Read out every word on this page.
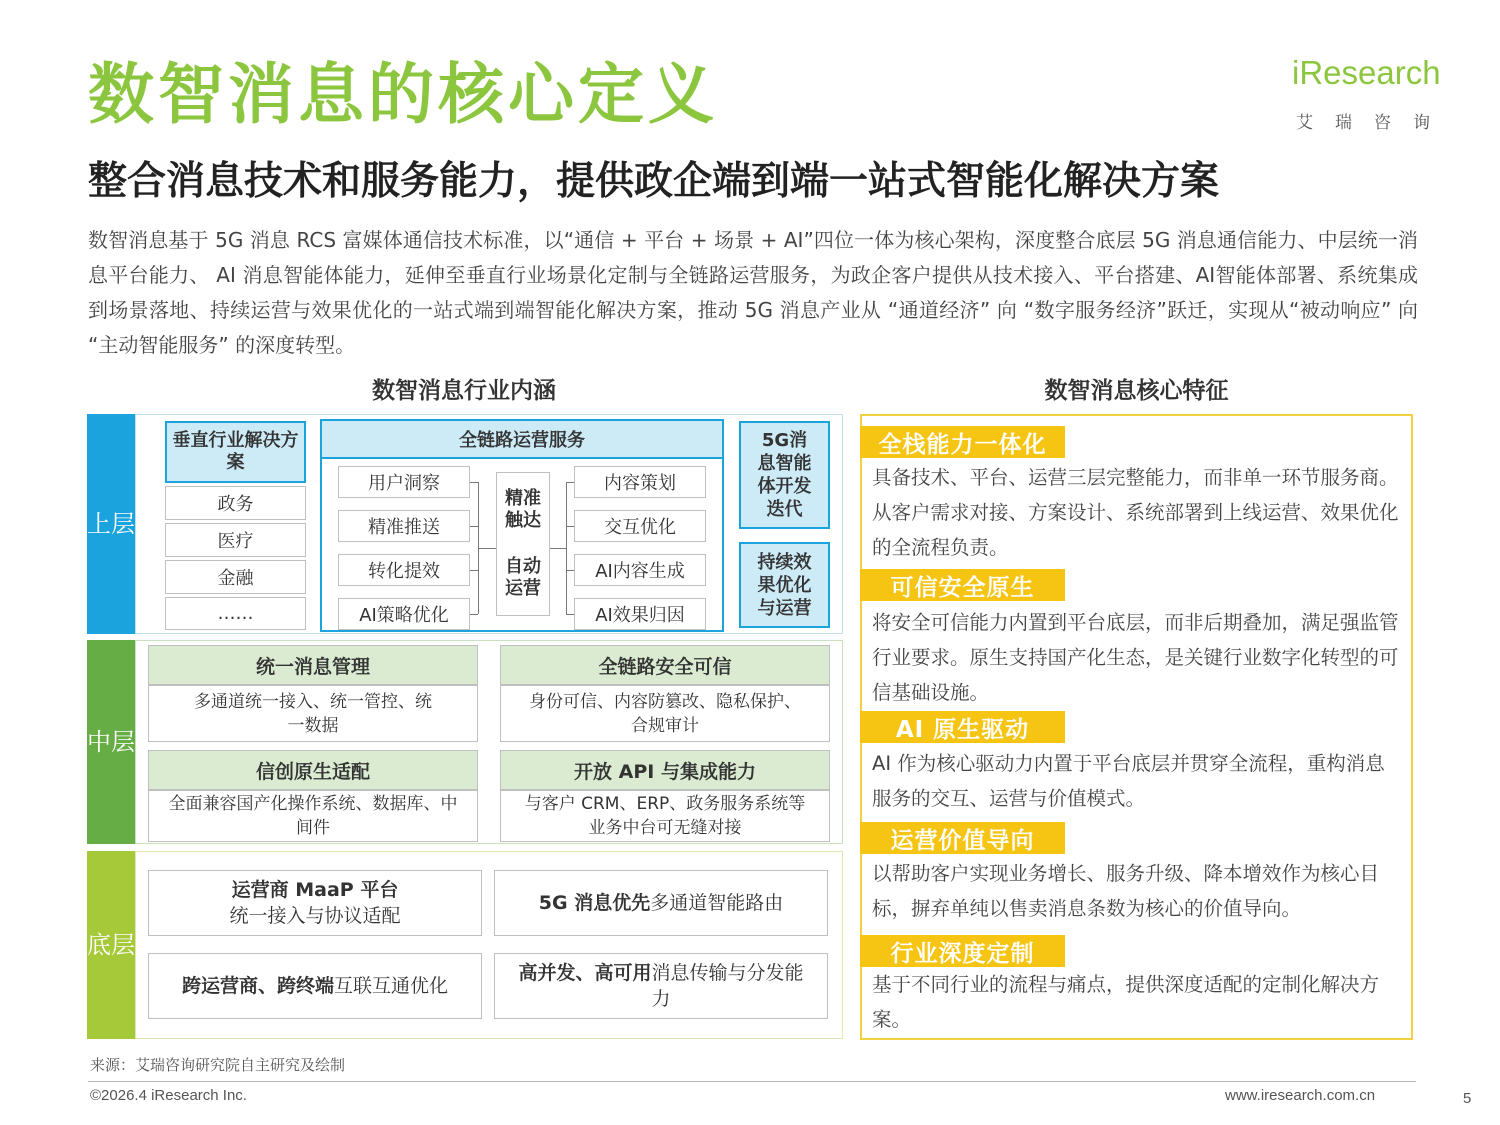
数智消息的核心定义	iResearch
艾瑞咨询
整合消息技术和服务能力，提供政企端到端一站式智能化解决方案
数智消息基于 5G 消息 RCS 富媒体通信技术标准，以“通信 + 平台 + 场景 + AI”四位一体为核心架构，深度整合底层 5G 消息通信能力、中层统一消息平台能力、 AI 消息智能体能力，延伸至垂直行业场景化定制与全链路运营服务，为政企客户提供从技术接入、平台搭建、AI智能体部署、系统集成到场景落地、持续运营与效果优化的一站式端到端智能化解决方案，推动 5G 消息产业从 “通道经济” 向 “数字服务经济”跃迁，实现从“被动响应” 向 “主动智能服务” 的深度转型。
数智消息行业内涵	数智消息核心特征
上层
垂直行业解决方案
政务
医疗
金融
……
全链路运营服务
用户洞察
精准推送
转化提效
AI策略优化
精准触达
自动运营
内容策划
交互优化
AI内容生成
AI效果归因
5G消息智能体开发迭代
持续效果优化与运营
中层
统一消息管理
多通道统一接入、统一管控、统一数据
全链路安全可信
身份可信、内容防篡改、隐私保护、合规审计
信创原生适配
全面兼容国产化操作系统、数据库、中间件
开放 API 与集成能力
与客户 CRM、ERP、政务服务系统等业务中台可无缝对接
底层
运营商 MaaP 平台
统一接入与协议适配
5G 消息优先 多通道智能路由
跨运营商、跨终端 互联互通优化
高并发、高可用消息传输与分发能力
全栈能力一体化
具备技术、平台、运营三层完整能力，而非单一环节服务商。从客户需求对接、方案设计、系统部署到上线运营、效果优化的全流程负责。
可信安全原生
将安全可信能力内置到平台底层，而非后期叠加，满足强监管行业要求。原生支持国产化生态，是关键行业数字化转型的可信基础设施。
AI 原生驱动
AI 作为核心驱动力内置于平台底层并贯穿全流程，重构消息服务的交互、运营与价值模式。
运营价值导向
以帮助客户实现业务增长、服务升级、降本增效作为核心目标，摒弃单纯以售卖消息条数为核心的价值导向。
行业深度定制
基于不同行业的流程与痛点，提供深度适配的定制化解决方案。
来源：艾瑞咨询研究院自主研究及绘制
©2026.4 iResearch Inc.	www.iresearch.com.cn	5
